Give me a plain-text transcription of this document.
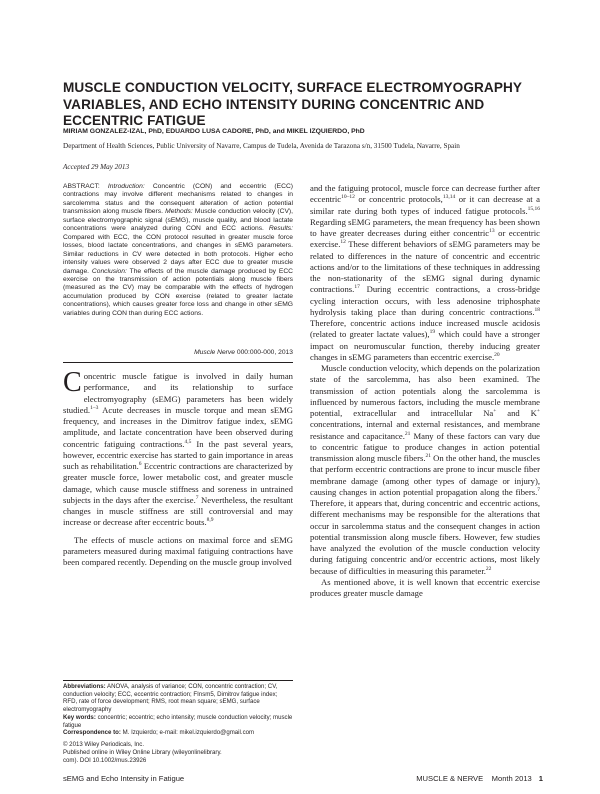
MUSCLE CONDUCTION VELOCITY, SURFACE ELECTROMYOGRAPHY VARIABLES, AND ECHO INTENSITY DURING CONCENTRIC AND ECCENTRIC FATIGUE

MIRIAM GONZALEZ-IZAL, PhD, EDUARDO LUSA CADORE, PhD, and MIKEL IZQUIERDO, PhD

Department of Health Sciences, Public University of Navarre, Campus de Tudela, Avenida de Tarazona s/n, 31500 Tudela, Navarre, Spain

Accepted 29 May 2013

ABSTRACT: Introduction: Concentric (CON) and eccentric (ECC) contractions may involve different mechanisms related to changes in sarcolemma status and the consequent alteration of action potential transmission along muscle fibers. Methods: Muscle conduction velocity (CV), surface electromyographic signal (sEMG), muscle quality, and blood lactate concentrations were analyzed during CON and ECC actions. Results: Compared with ECC, the CON protocol resulted in greater muscle force losses, blood lactate concentrations, and changes in sEMG parameters. Similar reductions in CV were detected in both protocols. Higher echo intensity values were observed 2 days after ECC due to greater muscle damage. Conclusion: The effects of the muscle damage produced by ECC exercise on the transmission of action potentials along muscle fibers (measured as the CV) may be comparable with the effects of hydrogen accumulation produced by CON exercise (related to greater lactate concentrations), which causes greater force loss and change in other sEMG variables during CON than during ECC actions.

Muscle Nerve 000:000-000, 2013

Concentric muscle fatigue is involved in daily human performance, and its relationship to surface electromyography (sEMG) parameters has been widely studied.$^{1-3}$ Acute decreases in muscle torque and mean sEMG frequency, and increases in the Dimitrov fatigue index, sEMG amplitude, and lactate concentration have been observed during concentric fatiguing contractions.$^{4,5}$ In the past several years, however, eccentric exercise has started to gain importance in areas such as rehabilitation.$^6$ Eccentric contractions are characterized by greater muscle force, lower metabolic cost, and greater muscle damage, which cause muscle stiffness and soreness in untrained subjects in the days after the exercise.$^7$ Nevertheless, the resultant changes in muscle stiffness are still controversial and may increase or decrease after eccentric bouts.$^{8,9}$

The effects of muscle actions on maximal force and sEMG parameters measured during maximal fatiguing contractions have been compared recently. Depending on the muscle group involved

and the fatiguing protocol, muscle force can decrease further after eccentric$^{10-12}$ or concentric protocols,$^{13,14}$ or it can decrease at a similar rate during both types of induced fatigue protocols.$^{15,16}$ Regarding sEMG parameters, the mean frequency has been shown to have greater decreases during either concentric$^{13}$ or eccentric exercise.$^{12}$ These different behaviors of sEMG parameters may be related to differences in the nature of concentric and eccentric actions and/or to the limitations of these techniques in addressing the non-stationarity of the sEMG signal during dynamic contractions.$^{17}$ During eccentric contractions, a cross-bridge cycling interaction occurs, with less adenosine triphosphate hydrolysis taking place than during concentric contractions.$^{18}$ Therefore, concentric actions induce increased muscle acidosis (related to greater lactate values),$^{19}$ which could have a stronger impact on neuromuscular function, thereby inducing greater changes in sEMG parameters than eccentric exercise.$^{20}$

Muscle conduction velocity, which depends on the polarization state of the sarcolemma, has also been examined. The transmission of action potentials along the sarcolemma is influenced by numerous factors, including the muscle membrane potential, extracellular and intracellular Na+ and K+ concentrations, internal and external resistances, and membrane resistance and capacitance.$^{21}$ Many of these factors can vary due to concentric fatigue to produce changes in action potential transmission along muscle fibers.$^{21}$ On the other hand, the muscles that perform eccentric contractions are prone to incur muscle fiber membrane damage (among other types of damage or injury), causing changes in action potential propagation along the fibers.$^7$ Therefore, it appears that, during concentric and eccentric actions, different mechanisms may be responsible for the alterations that occur in sarcolemma status and the consequent changes in action potential transmission along muscle fibers. However, few studies have analyzed the evolution of the muscle conduction velocity during fatiguing concentric and/or eccentric actions, most likely because of difficulties in measuring this parameter.$^{22}$

As mentioned above, it is well known that eccentric exercise produces greater muscle damage

Abbreviations: ANOVA, analysis of variance; CON, concentric contraction; CV, conduction velocity; ECC, eccentric contraction; FInsm5, Dimitrov fatigue index; RFD, rate of force development; RMS, root mean square; sEMG, surface electromyography

Key words: concentric; eccentric; echo intensity; muscle conduction velocity; muscle fatigue

Correspondence to: M. Izquierdo; e-mail: mikel.izquierdo@gmail.com

© 2013 Wiley Periodicals, Inc.
Published online in Wiley Online Library (wileyonlinelibrary.
com). DOI 10.1002/mus.23926

sEMG and Echo Intensity in Fatigue	MUSCLE & NERVE Month 2013 1
